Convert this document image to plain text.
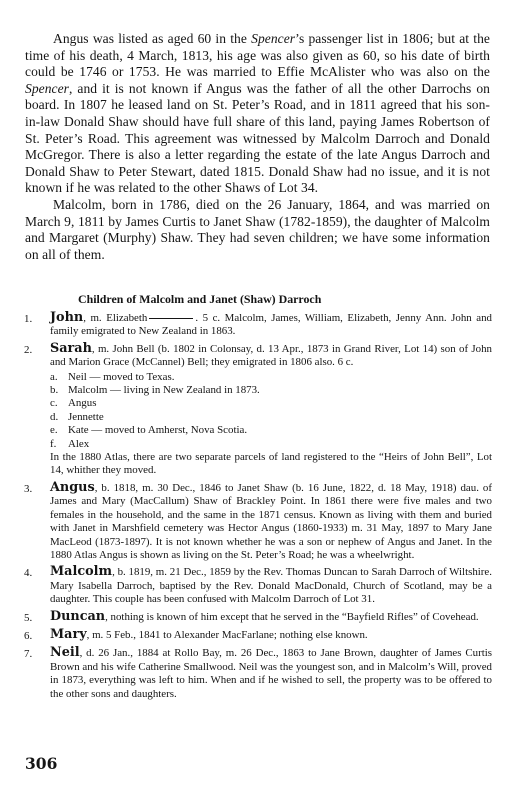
Angus was listed as aged 60 in the Spencer’s passenger list in 1806; but at the time of his death, 4 March, 1813, his age was also given as 60, so his date of birth could be 1746 or 1753. He was married to Effie McAlister who was also on the Spencer, and it is not known if Angus was the father of all the other Darrochs on board. In 1807 he leased land on St. Peter’s Road, and in 1811 agreed that his son-in-law Donald Shaw should have full share of this land, paying James Robertson of St. Peter’s Road. This agreement was witnessed by Malcolm Darroch and Donald McGregor. There is also a letter regarding the estate of the late Angus Darroch and Donald Shaw to Peter Stewart, dated 1815. Donald Shaw had no issue, and it is not known if he was related to the other Shaws of Lot 34.

Malcolm, born in 1786, died on the 26 January, 1864, and was married on March 9, 1811 by James Curtis to Janet Shaw (1782-1859), the daughter of Malcolm and Margaret (Murphy) Shaw. They had seven children; we have some information on all of them.

Children of Malcolm and Janet (Shaw) Darroch
1.	John, m. Elizabeth	. 5 c. Malcolm, James, William, Elizabeth, Jenny Ann. John and family emigrated to New Zealand in 1863.
2.	Sarah, m. John Bell (b. 1802 in Colonsay, d. 13 Apr., 1873 in Grand River, Lot 14) son of John and Marion Grace (McCannel) Bell; they emigrated in 1806 also. 6 c.
a. Neil — moved to Texas.
b. Malcolm — living in New Zealand in 1873.
c. Angus
d. Jennette
e. Kate — moved to Amherst, Nova Scotia.
f.	Alex
In the 1880 Atlas, there are two separate parcels of land registered to the “Heirs of John Bell”, Lot 14, whither they moved.
3.	Angus, b. 1818, m. 30 Dec., 1846 to Janet Shaw (b. 16 June, 1822, d. 18 May, 1918) dau. of James and Mary (MacCallum) Shaw of Brackley Point. In 1861 there were five males and two females in the household, and the same in the 1871 census. Known as living with them and buried with Janet in Marshfield cemetery was Hector Angus (1860-1933) m. 31 May, 1897 to Mary Jane MacLeod (1873-1897). It is not known whether he was a son or nephew of Angus and Janet. In the 1880 Atlas Angus is shown as living on the St. Peter’s Road; he was a wheelwright.
4.	Malcolm, b. 1819, m. 21 Dec., 1859 by the Rev. Thomas Duncan to Sarah Darroch of Wiltshire. Mary Isabella Darroch, baptised by the Rev. Donald MacDonald, Church of Scotland, may be a daughter. This couple has been confused with Malcolm Darroch of Lot 31.
5.	Duncan, nothing is known of him except that he served in the “Bayfield Rifles” of Covehead.
6.	Mary, m. 5 Feb., 1841 to Alexander MacFarlane; nothing else known.
7.	Neil, d. 26 Jan., 1884 at Rollo Bay, m. 26 Dec., 1863 to Jane Brown, daughter of James Curtis Brown and his wife Catherine Smallwood. Neil was the youngest son, and in Malcolm’s Will, proved in 1873, everything was left to him. When and if he wished to sell, the property was to be offered to the other sons and daughters.
306
